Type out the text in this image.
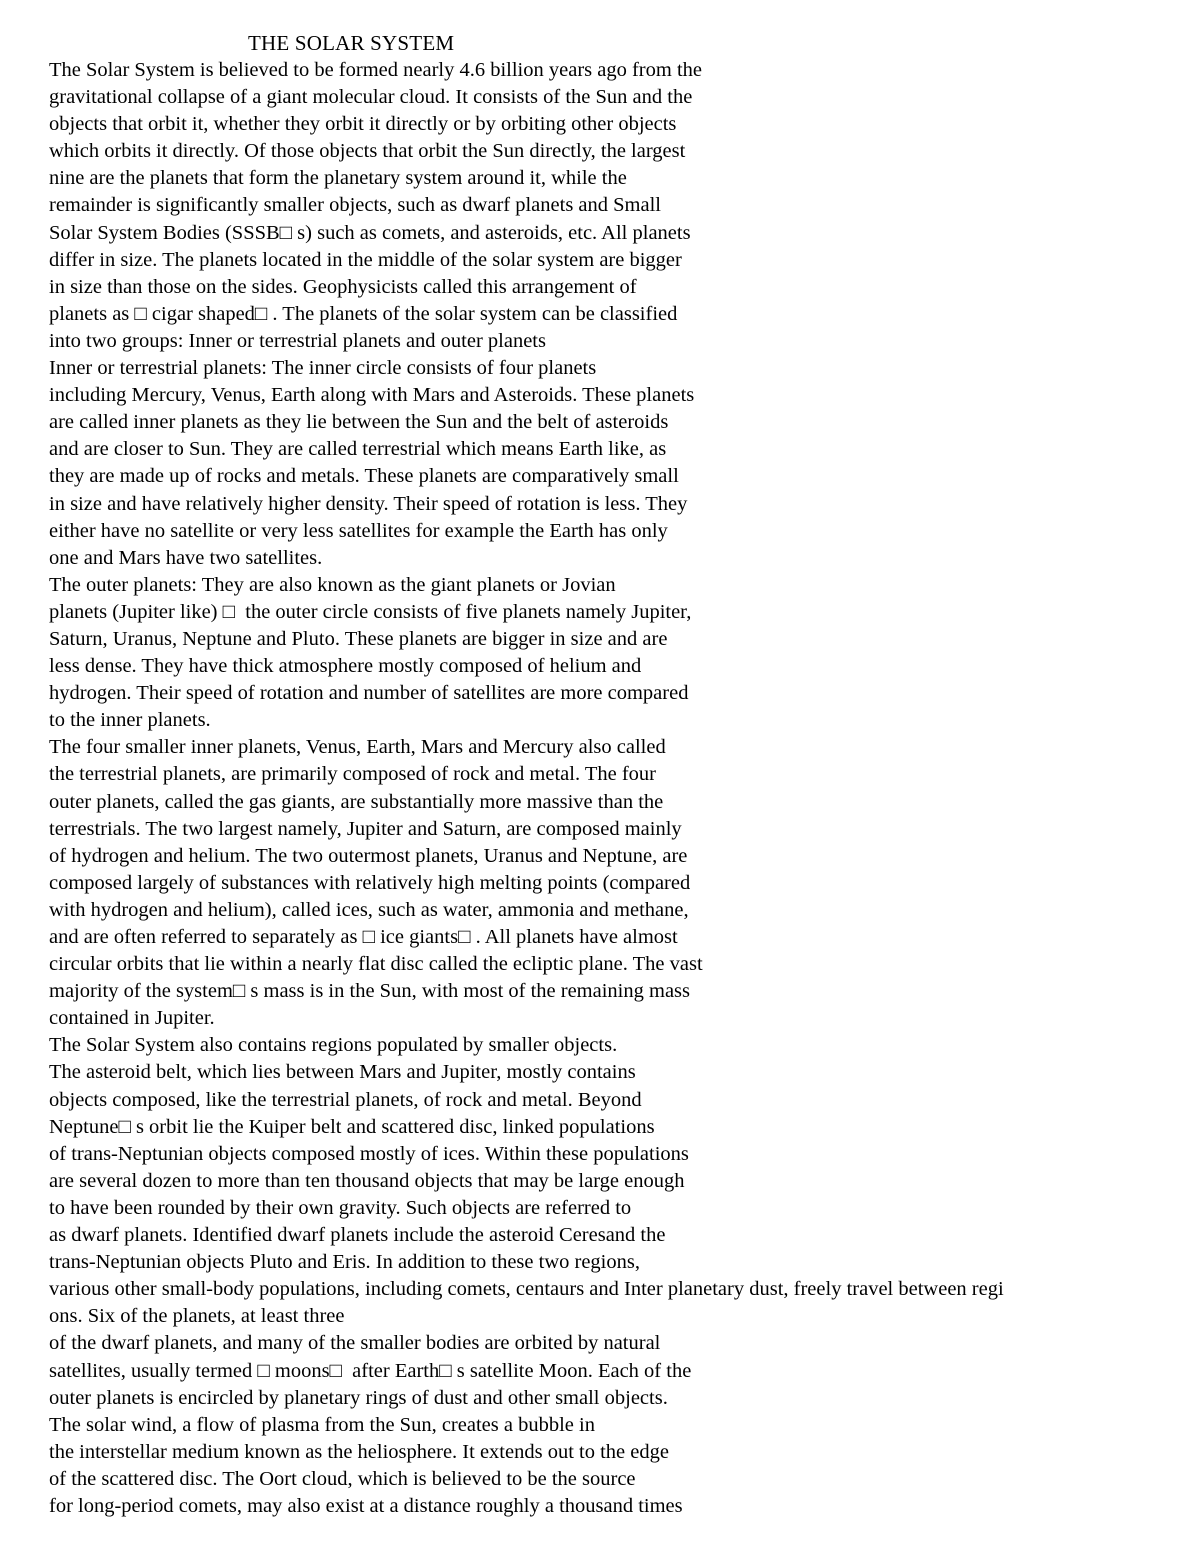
THE SOLAR SYSTEM
The Solar System is believed to be formed nearly 4.6 billion years ago from the
gravitational collapse of a giant molecular cloud. It consists of the Sun and the
objects that orbit it, whether they orbit it directly or by orbiting other objects
which orbits it directly. Of those objects that orbit the Sun directly, the largest
nine are the planets that form the planetary system around it, while the
remainder is significantly smaller objects, such as dwarf planets and Small
Solar System Bodies (SSSB□ s) such as comets, and asteroids, etc. All planets
differ in size. The planets located in the middle of the solar system are bigger
in size than those on the sides. Geophysicists called this arrangement of
planets as □ cigar shaped□ . The planets of the solar system can be classified
into two groups: Inner or terrestrial planets and outer planets
Inner or terrestrial planets: The inner circle consists of four planets
including Mercury, Venus, Earth along with Mars and Asteroids. These planets
are called inner planets as they lie between the Sun and the belt of asteroids
and are closer to Sun. They are called terrestrial which means Earth like, as
they are made up of rocks and metals. These planets are comparatively small
in size and have relatively higher density. Their speed of rotation is less. They
either have no satellite or very less satellites for example the Earth has only
one and Mars have two satellites.
The outer planets: They are also known as the giant planets or Jovian
planets (Jupiter like) □  the outer circle consists of five planets namely Jupiter,
Saturn, Uranus, Neptune and Pluto. These planets are bigger in size and are
less dense. They have thick atmosphere mostly composed of helium and
hydrogen. Their speed of rotation and number of satellites are more compared
to the inner planets.
The four smaller inner planets, Venus, Earth, Mars and Mercury also called
the terrestrial planets, are primarily composed of rock and metal. The four
outer planets, called the gas giants, are substantially more massive than the
terrestrials. The two largest namely, Jupiter and Saturn, are composed mainly
of hydrogen and helium. The two outermost planets, Uranus and Neptune, are
composed largely of substances with relatively high melting points (compared
with hydrogen and helium), called ices, such as water, ammonia and methane,
and are often referred to separately as □ ice giants□ . All planets have almost
circular orbits that lie within a nearly flat disc called the ecliptic plane. The vast
majority of the system□ s mass is in the Sun, with most of the remaining mass
contained in Jupiter.
The Solar System also contains regions populated by smaller objects.
The asteroid belt, which lies between Mars and Jupiter, mostly contains
objects composed, like the terrestrial planets, of rock and metal. Beyond
Neptune□ s orbit lie the Kuiper belt and scattered disc, linked populations
of trans-Neptunian objects composed mostly of ices. Within these populations
are several dozen to more than ten thousand objects that may be large enough
to have been rounded by their own gravity. Such objects are referred to
as dwarf planets. Identified dwarf planets include the asteroid Ceresand the
trans-Neptunian objects Pluto and Eris. In addition to these two regions,
various other small-body populations, including comets, centaurs and Inter planetary dust, freely travel between regi
ons. Six of the planets, at least three
of the dwarf planets, and many of the smaller bodies are orbited by natural
satellites, usually termed □ moons□  after Earth□ s satellite Moon. Each of the
outer planets is encircled by planetary rings of dust and other small objects.
The solar wind, a flow of plasma from the Sun, creates a bubble in
the interstellar medium known as the heliosphere. It extends out to the edge
of the scattered disc. The Oort cloud, which is believed to be the source
for long-period comets, may also exist at a distance roughly a thousand times
